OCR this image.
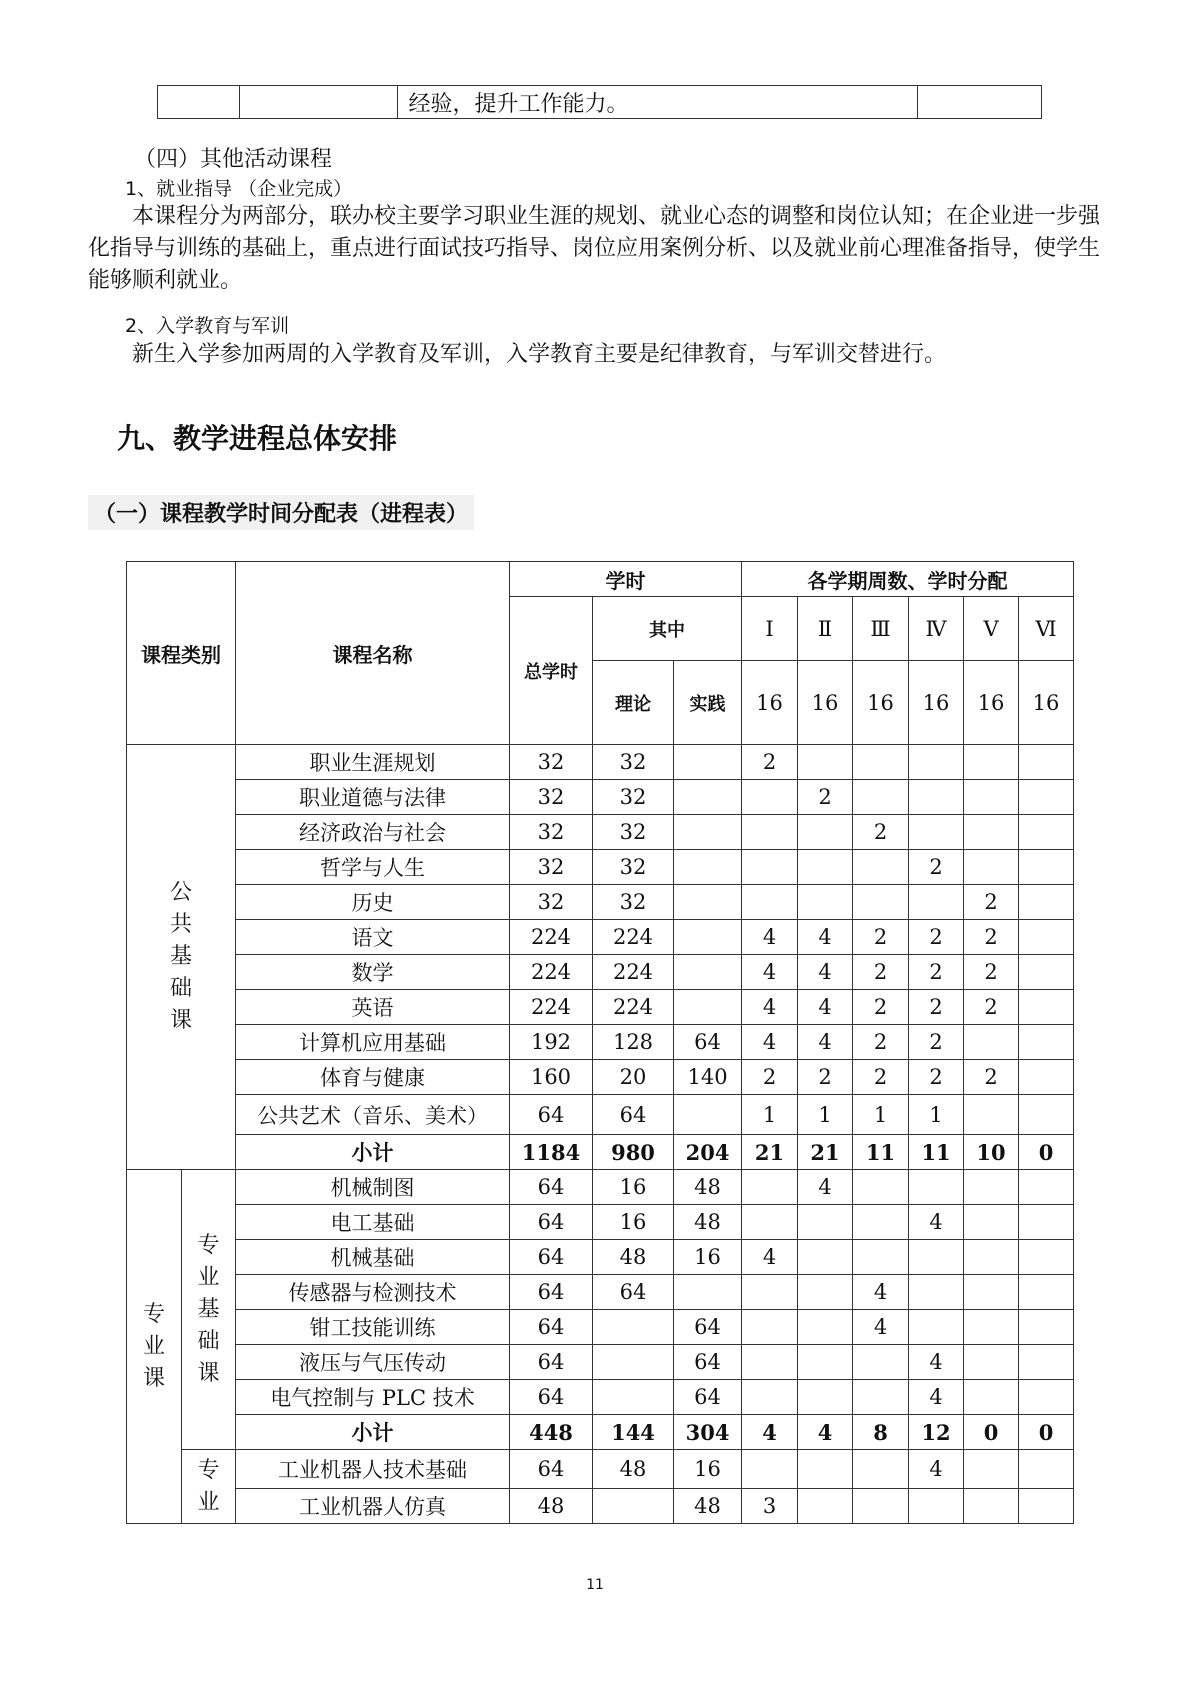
		经验，提升工作能力。	
（四）其他活动课程
1、就业指导 （企业完成）
本课程分为两部分，联办校主要学习职业生涯的规划、就业心态的调整和岗位认知；在企业进一步强化指导与训练的基础上，重点进行面试技巧指导、岗位应用案例分析、以及就业前心理准备指导，使学生能够顺利就业。
2、入学教育与军训
新生入学参加两周的入学教育及军训，入学教育主要是纪律教育，与军训交替进行。
九、教学进程总体安排
（一）课程教学时间分配表（进程表）
课程类别		课程名称	学时			各学期周数、学时分配					
			总学时	其中		Ⅰ	Ⅱ	Ⅲ	Ⅳ	Ⅴ	Ⅵ
				理论	实践	16	16	16	16	16	16
公
共
基
础
课		职业生涯规划	32	32		2					
		职业道德与法律	32	32			2				
		经济政治与社会	32	32				2			
		哲学与人生	32	32					2		
		历史	32	32						2	
		语文	224	224		4	4	2	2	2	
		数学	224	224		4	4	2	2	2	
		英语	224	224		4	4	2	2	2	
		计算机应用基础	192	128	64	4	4	2	2		
		体育与健康	160	20	140	2	2	2	2	2	
		公共艺术（音乐、美术）	64	64		1	1	1	1		
		小计	1184	980	204	21	21	11	11	10	0
专
业
课	专
业
基
础
课	机械制图	64	16	48		4				
		电工基础	64	16	48				4		
		机械基础	64	48	16	4					
		传感器与检测技术	64	64				4			
		钳工技能训练	64		64			4			
		液压与气压传动	64		64				4		
		电气控制与 PLC 技术	64		64				4		
		小计	448	144	304	4	4	8	12	0	0
	专
业	工业机器人技术基础	64	48	16				4		
		工业机器人仿真	48		48	3					
11
